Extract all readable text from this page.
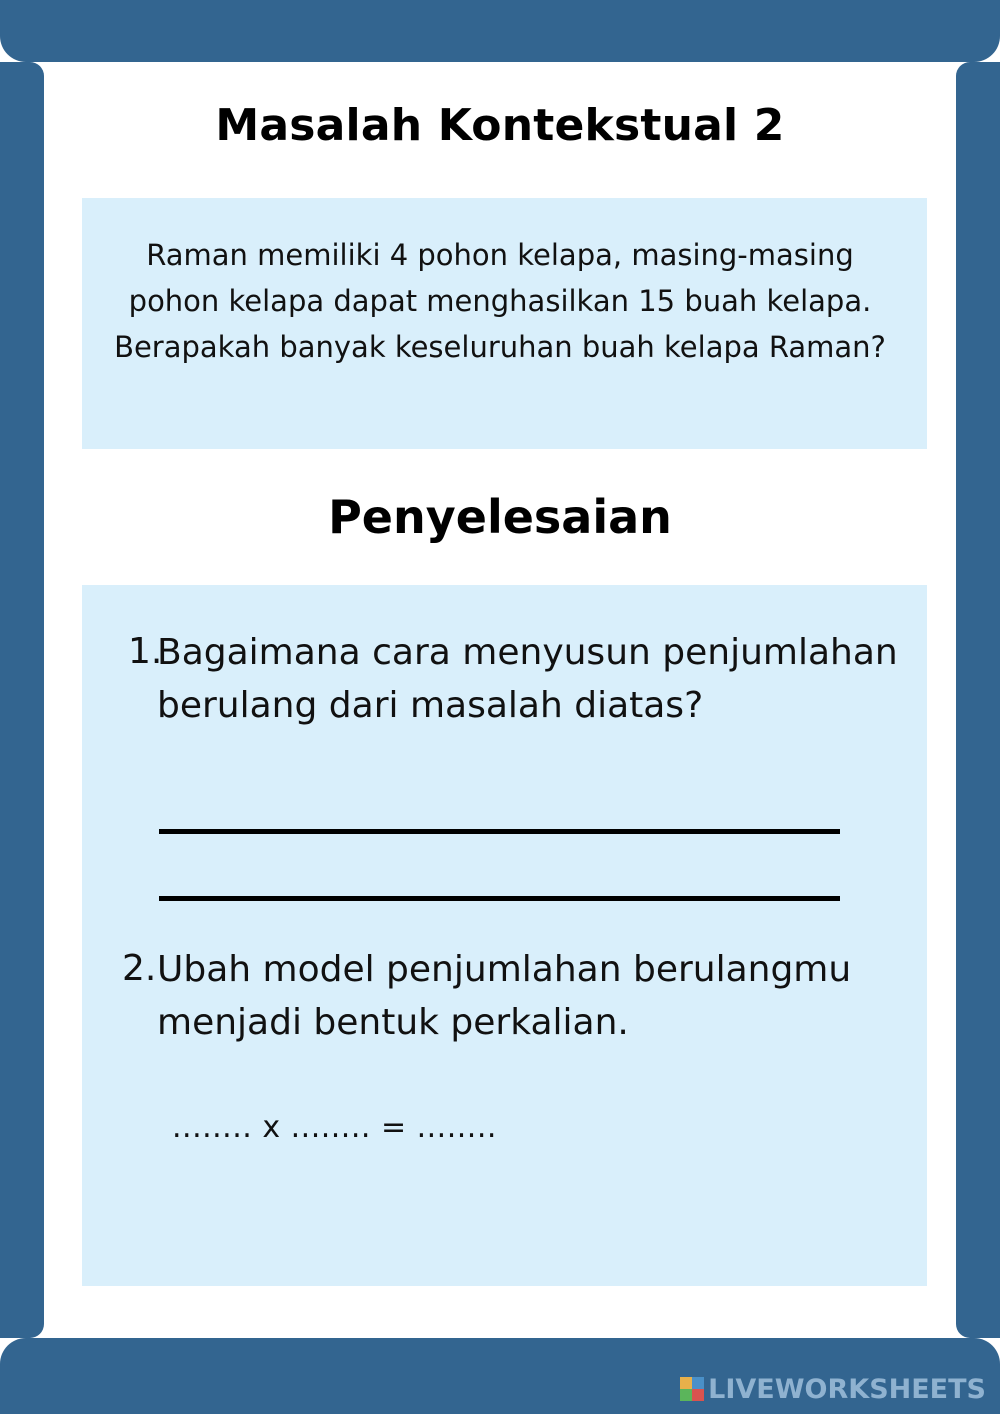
Masalah Kontekstual 2
Raman memiliki 4 pohon kelapa, masing-masing pohon kelapa dapat menghasilkan 15 buah kelapa. Berapakah banyak keseluruhan buah kelapa Raman?
Penyelesaian
1.
Bagaimana cara menyusun penjumlahan berulang dari masalah diatas?
2. Ubah model penjumlahan berulangmu menjadi bentuk perkalian.
........ x ........ = ........
LIVEWORKSHEETS
